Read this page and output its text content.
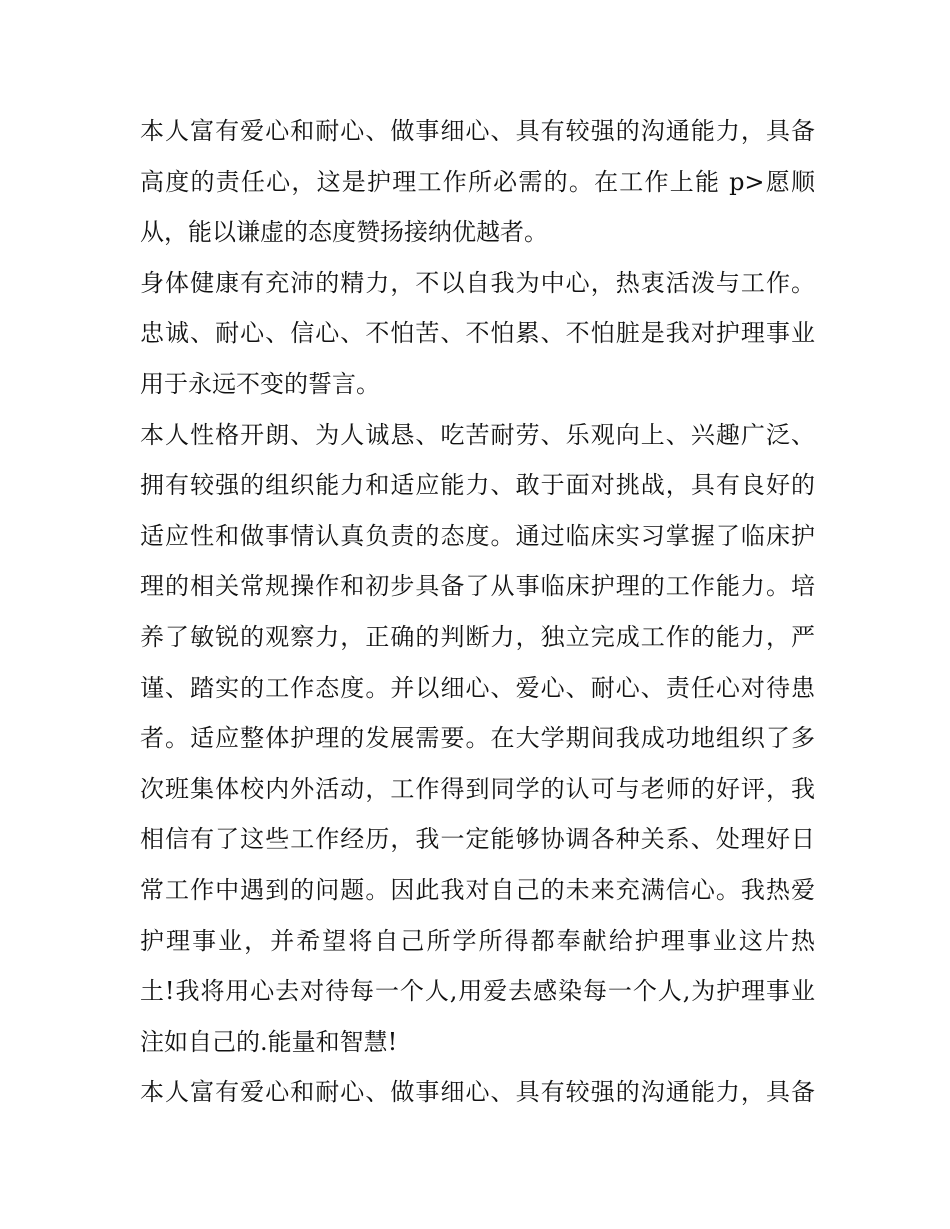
本人富有爱心和耐心、做事细心、具有较强的沟通能力，具备
高度的责任心，这是护理工作所必需的。在工作上能 p>愿顺
从，能以谦虚的态度赞扬接纳优越者。
身体健康有充沛的精力，不以自我为中心，热衷活泼与工作。
忠诚、耐心、信心、不怕苦、不怕累、不怕脏是我对护理事业
用于永远不变的誓言。
本人性格开朗、为人诚恳、吃苦耐劳、乐观向上、兴趣广泛、
拥有较强的组织能力和适应能力、敢于面对挑战，具有良好的
适应性和做事情认真负责的态度。通过临床实习掌握了临床护
理的相关常规操作和初步具备了从事临床护理的工作能力。培
养了敏锐的观察力，正确的判断力，独立完成工作的能力，严
谨、踏实的工作态度。并以细心、爱心、耐心、责任心对待患
者。适应整体护理的发展需要。在大学期间我成功地组织了多
次班集体校内外活动，工作得到同学的认可与老师的好评，我
相信有了这些工作经历，我一定能够协调各种关系、处理好日
常工作中遇到的问题。因此我对自己的未来充满信心。我热爱
护理事业，并希望将自己所学所得都奉献给护理事业这片热
土!我将用心去对待每一个人,用爱去感染每一个人,为护理事业
注如自己的.能量和智慧!
本人富有爱心和耐心、做事细心、具有较强的沟通能力，具备
